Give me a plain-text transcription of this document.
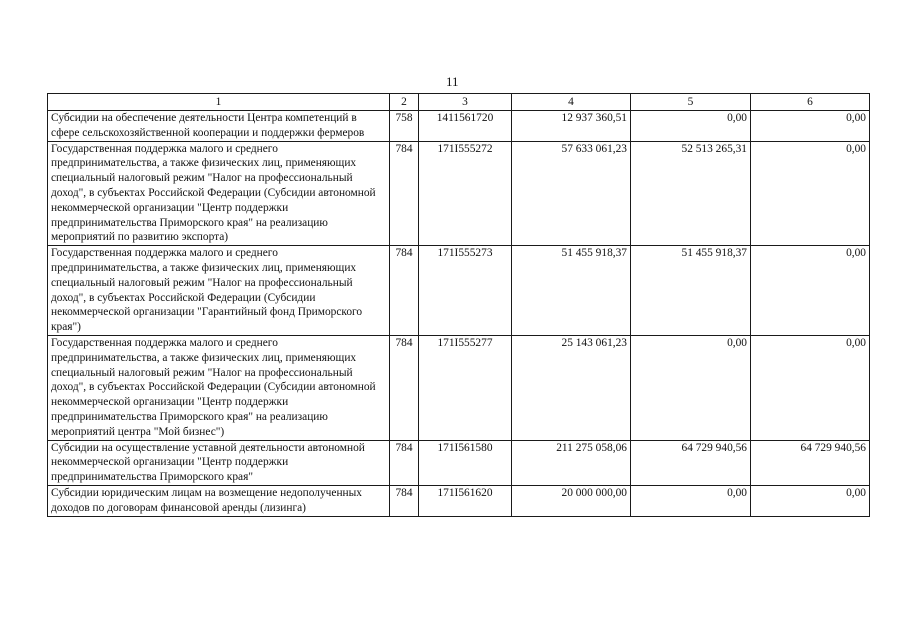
11
1	2	3	4	5	6
Субсидии на обеспечение деятельности Центра компетенций в сфере сельскохозяйственной кооперации и поддержки фермеров	758	1411561720	12 937 360,51	0,00	0,00
Государственная поддержка малого и среднего предпринимательства, а также физических лиц, применяющих специальный налоговый режим "Налог на профессиональный доход", в субъектах Российской Федерации (Субсидии автономной некоммерческой организации "Центр поддержки предпринимательства Приморского края" на реализацию мероприятий по развитию экспорта)	784	171I555272	57 633 061,23	52 513 265,31	0,00
Государственная поддержка малого и среднего предпринимательства, а также физических лиц, применяющих специальный налоговый режим "Налог на профессиональный доход", в субъектах Российской Федерации (Субсидии некоммерческой организации "Гарантийный фонд Приморского края")	784	171I555273	51 455 918,37	51 455 918,37	0,00
Государственная поддержка малого и среднего предпринимательства, а также физических лиц, применяющих специальный налоговый режим "Налог на профессиональный доход", в субъектах Российской Федерации (Субсидии автономной некоммерческой организации "Центр поддержки предпринимательства Приморского края" на реализацию мероприятий центра "Мой бизнес")	784	171I555277	25 143 061,23	0,00	0,00
Субсидии на осуществление уставной деятельности автономной некоммерческой организации "Центр поддержки предпринимательства Приморского края"	784	171I561580	211 275 058,06	64 729 940,56	64 729 940,56
Субсидии юридическим лицам на возмещение недополученных доходов по договорам финансовой аренды (лизинга)	784	171I561620	20 000 000,00	0,00	0,00
